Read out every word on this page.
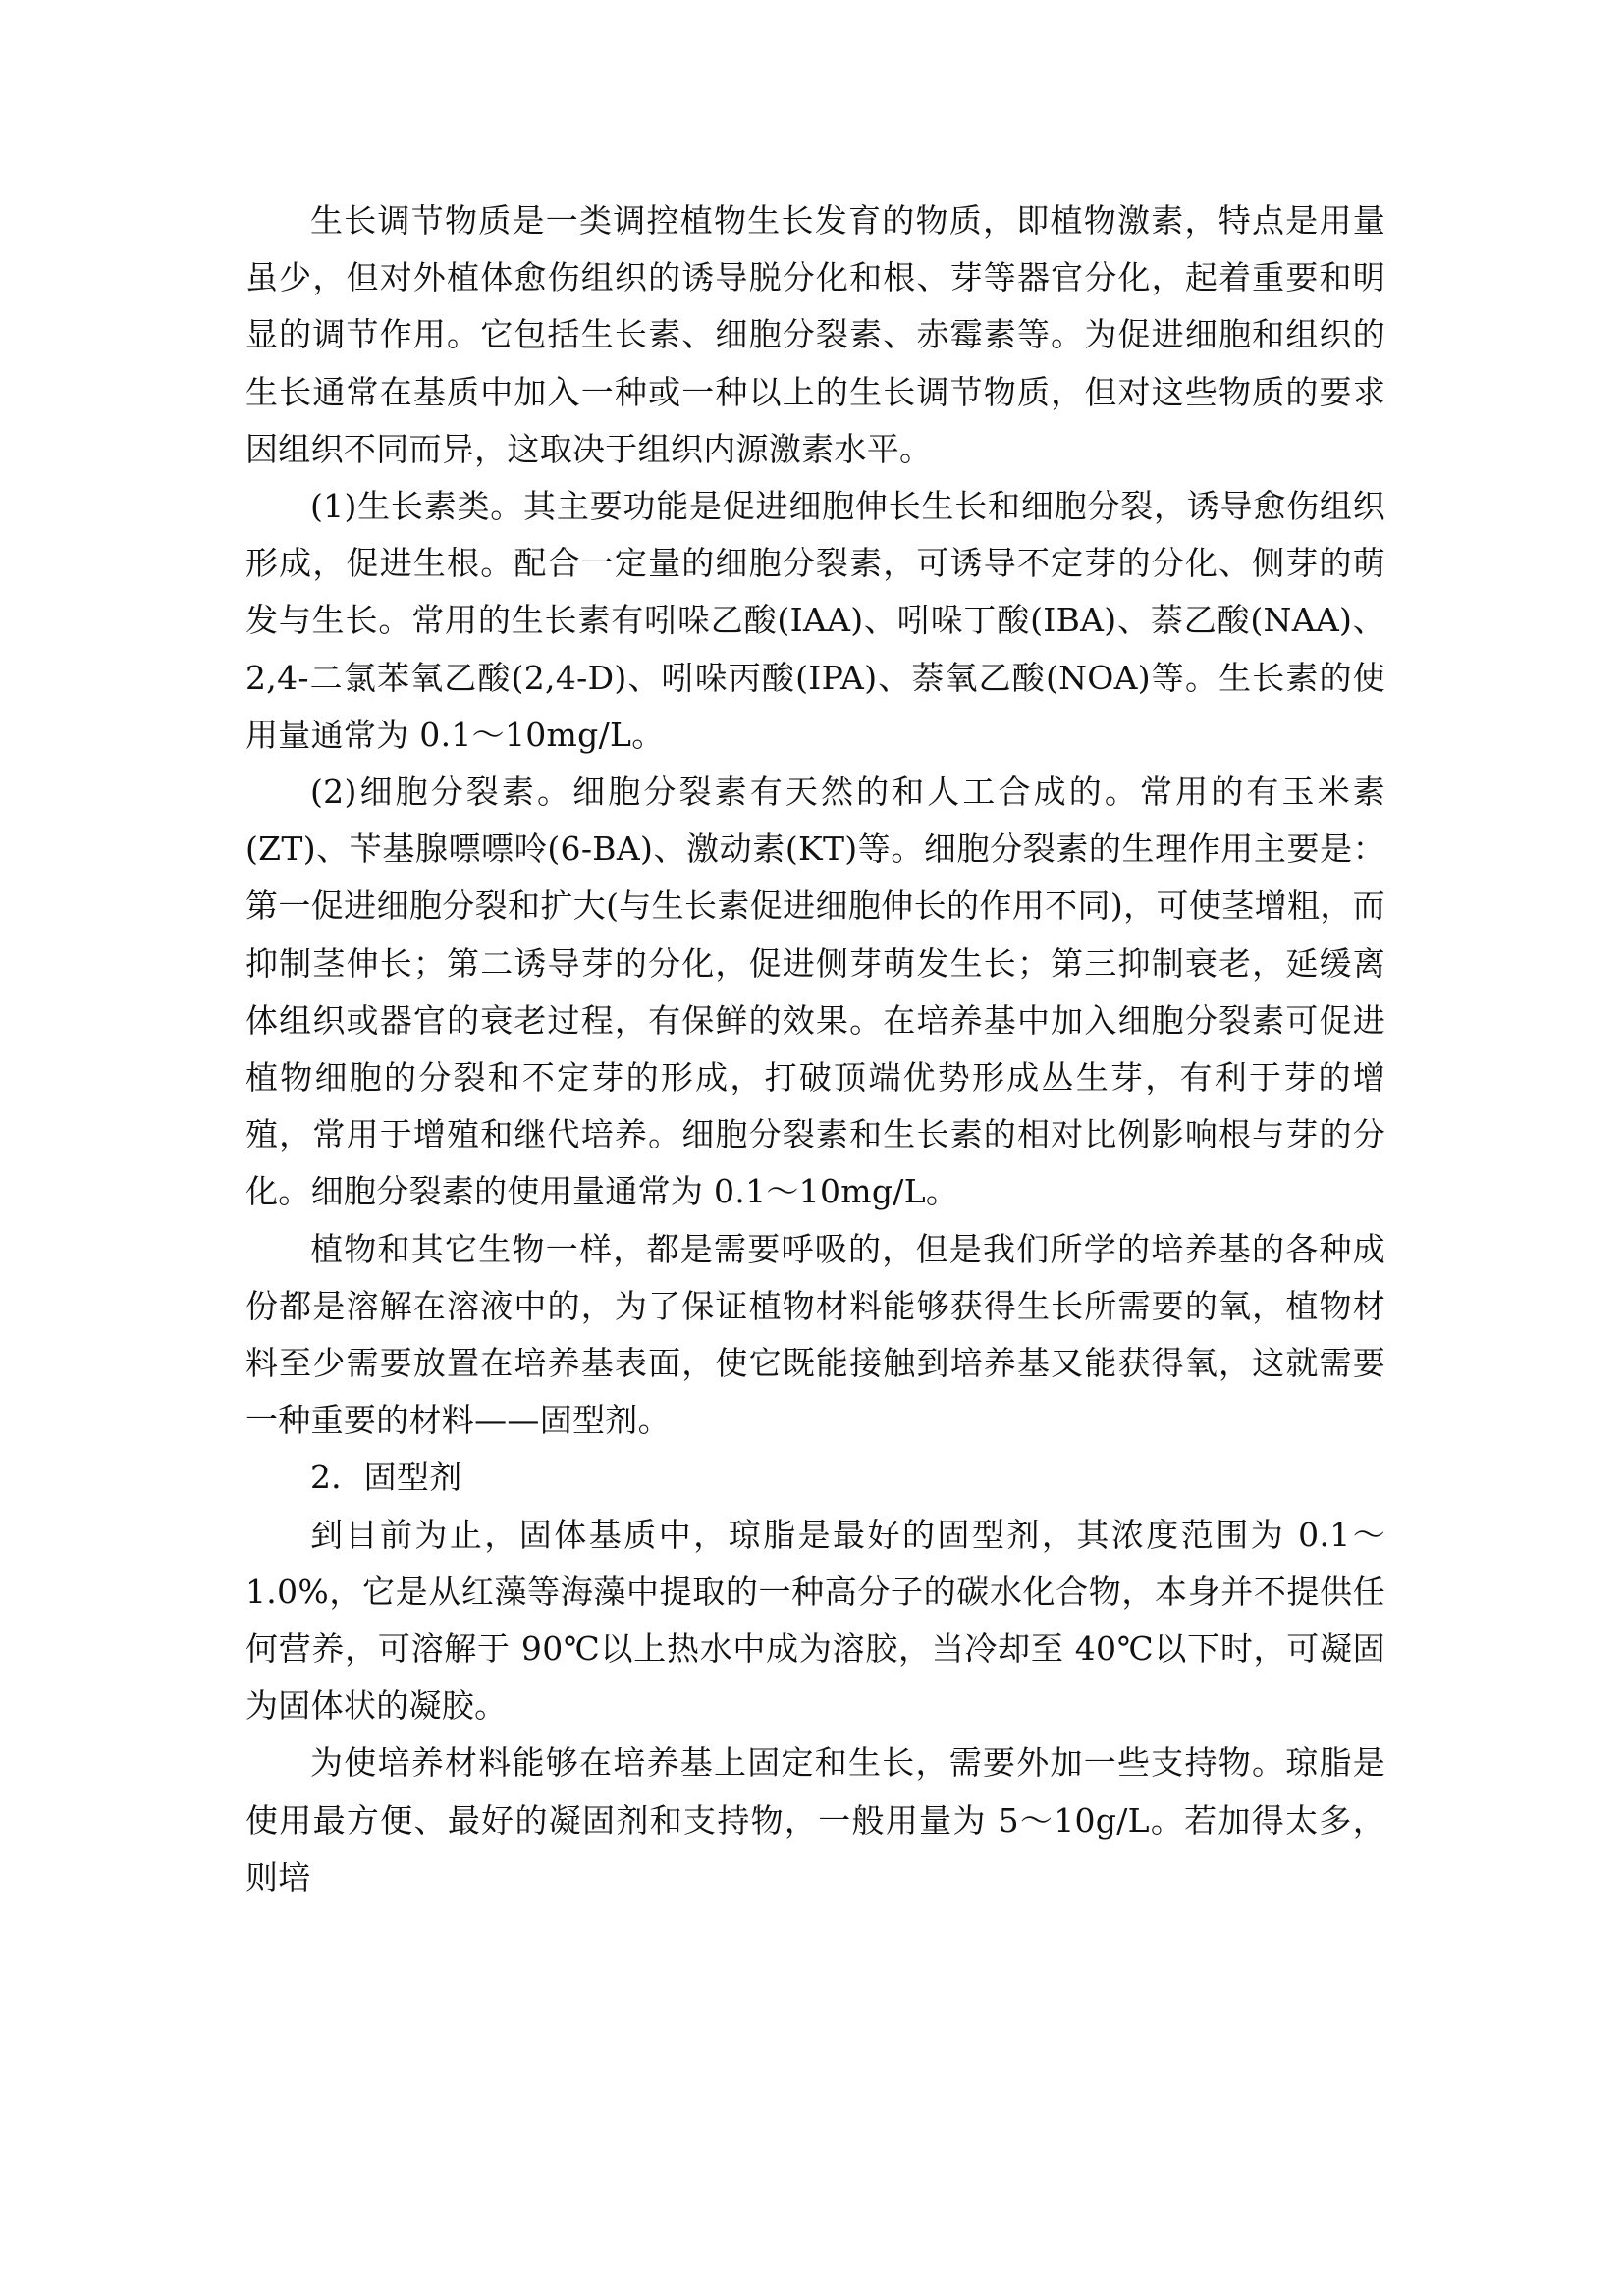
生长调节物质是一类调控植物生长发育的物质，即植物激素，特点是用量虽少，但对外植体愈伤组织的诱导脱分化和根、芽等器官分化，起着重要和明显的调节作用。它包括生长素、细胞分裂素、赤霉素等。为促进细胞和组织的生长通常在基质中加入一种或一种以上的生长调节物质，但对这些物质的要求因组织不同而异，这取决于组织内源激素水平。

(1)生长素类。其主要功能是促进细胞伸长生长和细胞分裂，诱导愈伤组织形成，促进生根。配合一定量的细胞分裂素，可诱导不定芽的分化、侧芽的萌发与生长。常用的生长素有吲哚乙酸(IAA)、吲哚丁酸(IBA)、萘乙酸(NAA)、2,4-二氯苯氧乙酸(2,4-D)、吲哚丙酸(IPA)、萘氧乙酸(NOA)等。生长素的使用量通常为 0.1～10mg/L。

(2)细胞分裂素。细胞分裂素有天然的和人工合成的。常用的有玉米素(ZT)、苄基腺嘌嘌呤(6-BA)、激动素(KT)等。细胞分裂素的生理作用主要是：第一促进细胞分裂和扩大(与生长素促进细胞伸长的作用不同)，可使茎增粗，而抑制茎伸长；第二诱导芽的分化，促进侧芽萌发生长；第三抑制衰老，延缓离体组织或器官的衰老过程，有保鲜的效果。在培养基中加入细胞分裂素可促进植物细胞的分裂和不定芽的形成，打破顶端优势形成丛生芽，有利于芽的增殖，常用于增殖和继代培养。细胞分裂素和生长素的相对比例影响根与芽的分化。细胞分裂素的使用量通常为 0.1～10mg/L。

植物和其它生物一样，都是需要呼吸的，但是我们所学的培养基的各种成份都是溶解在溶液中的，为了保证植物材料能够获得生长所需要的氧，植物材料至少需要放置在培养基表面，使它既能接触到培养基又能获得氧，这就需要一种重要的材料——固型剂。

2．固型剂

到目前为止，固体基质中，琼脂是最好的固型剂，其浓度范围为 0.1～1.0%，它是从红藻等海藻中提取的一种高分子的碳水化合物，本身并不提供任何营养，可溶解于 90℃以上热水中成为溶胶，当冷却至 40℃以下时，可凝固为固体状的凝胶。

为使培养材料能够在培养基上固定和生长，需要外加一些支持物。琼脂是使用最方便、最好的凝固剂和支持物，一般用量为 5～10g/L。若加得太多，则培
